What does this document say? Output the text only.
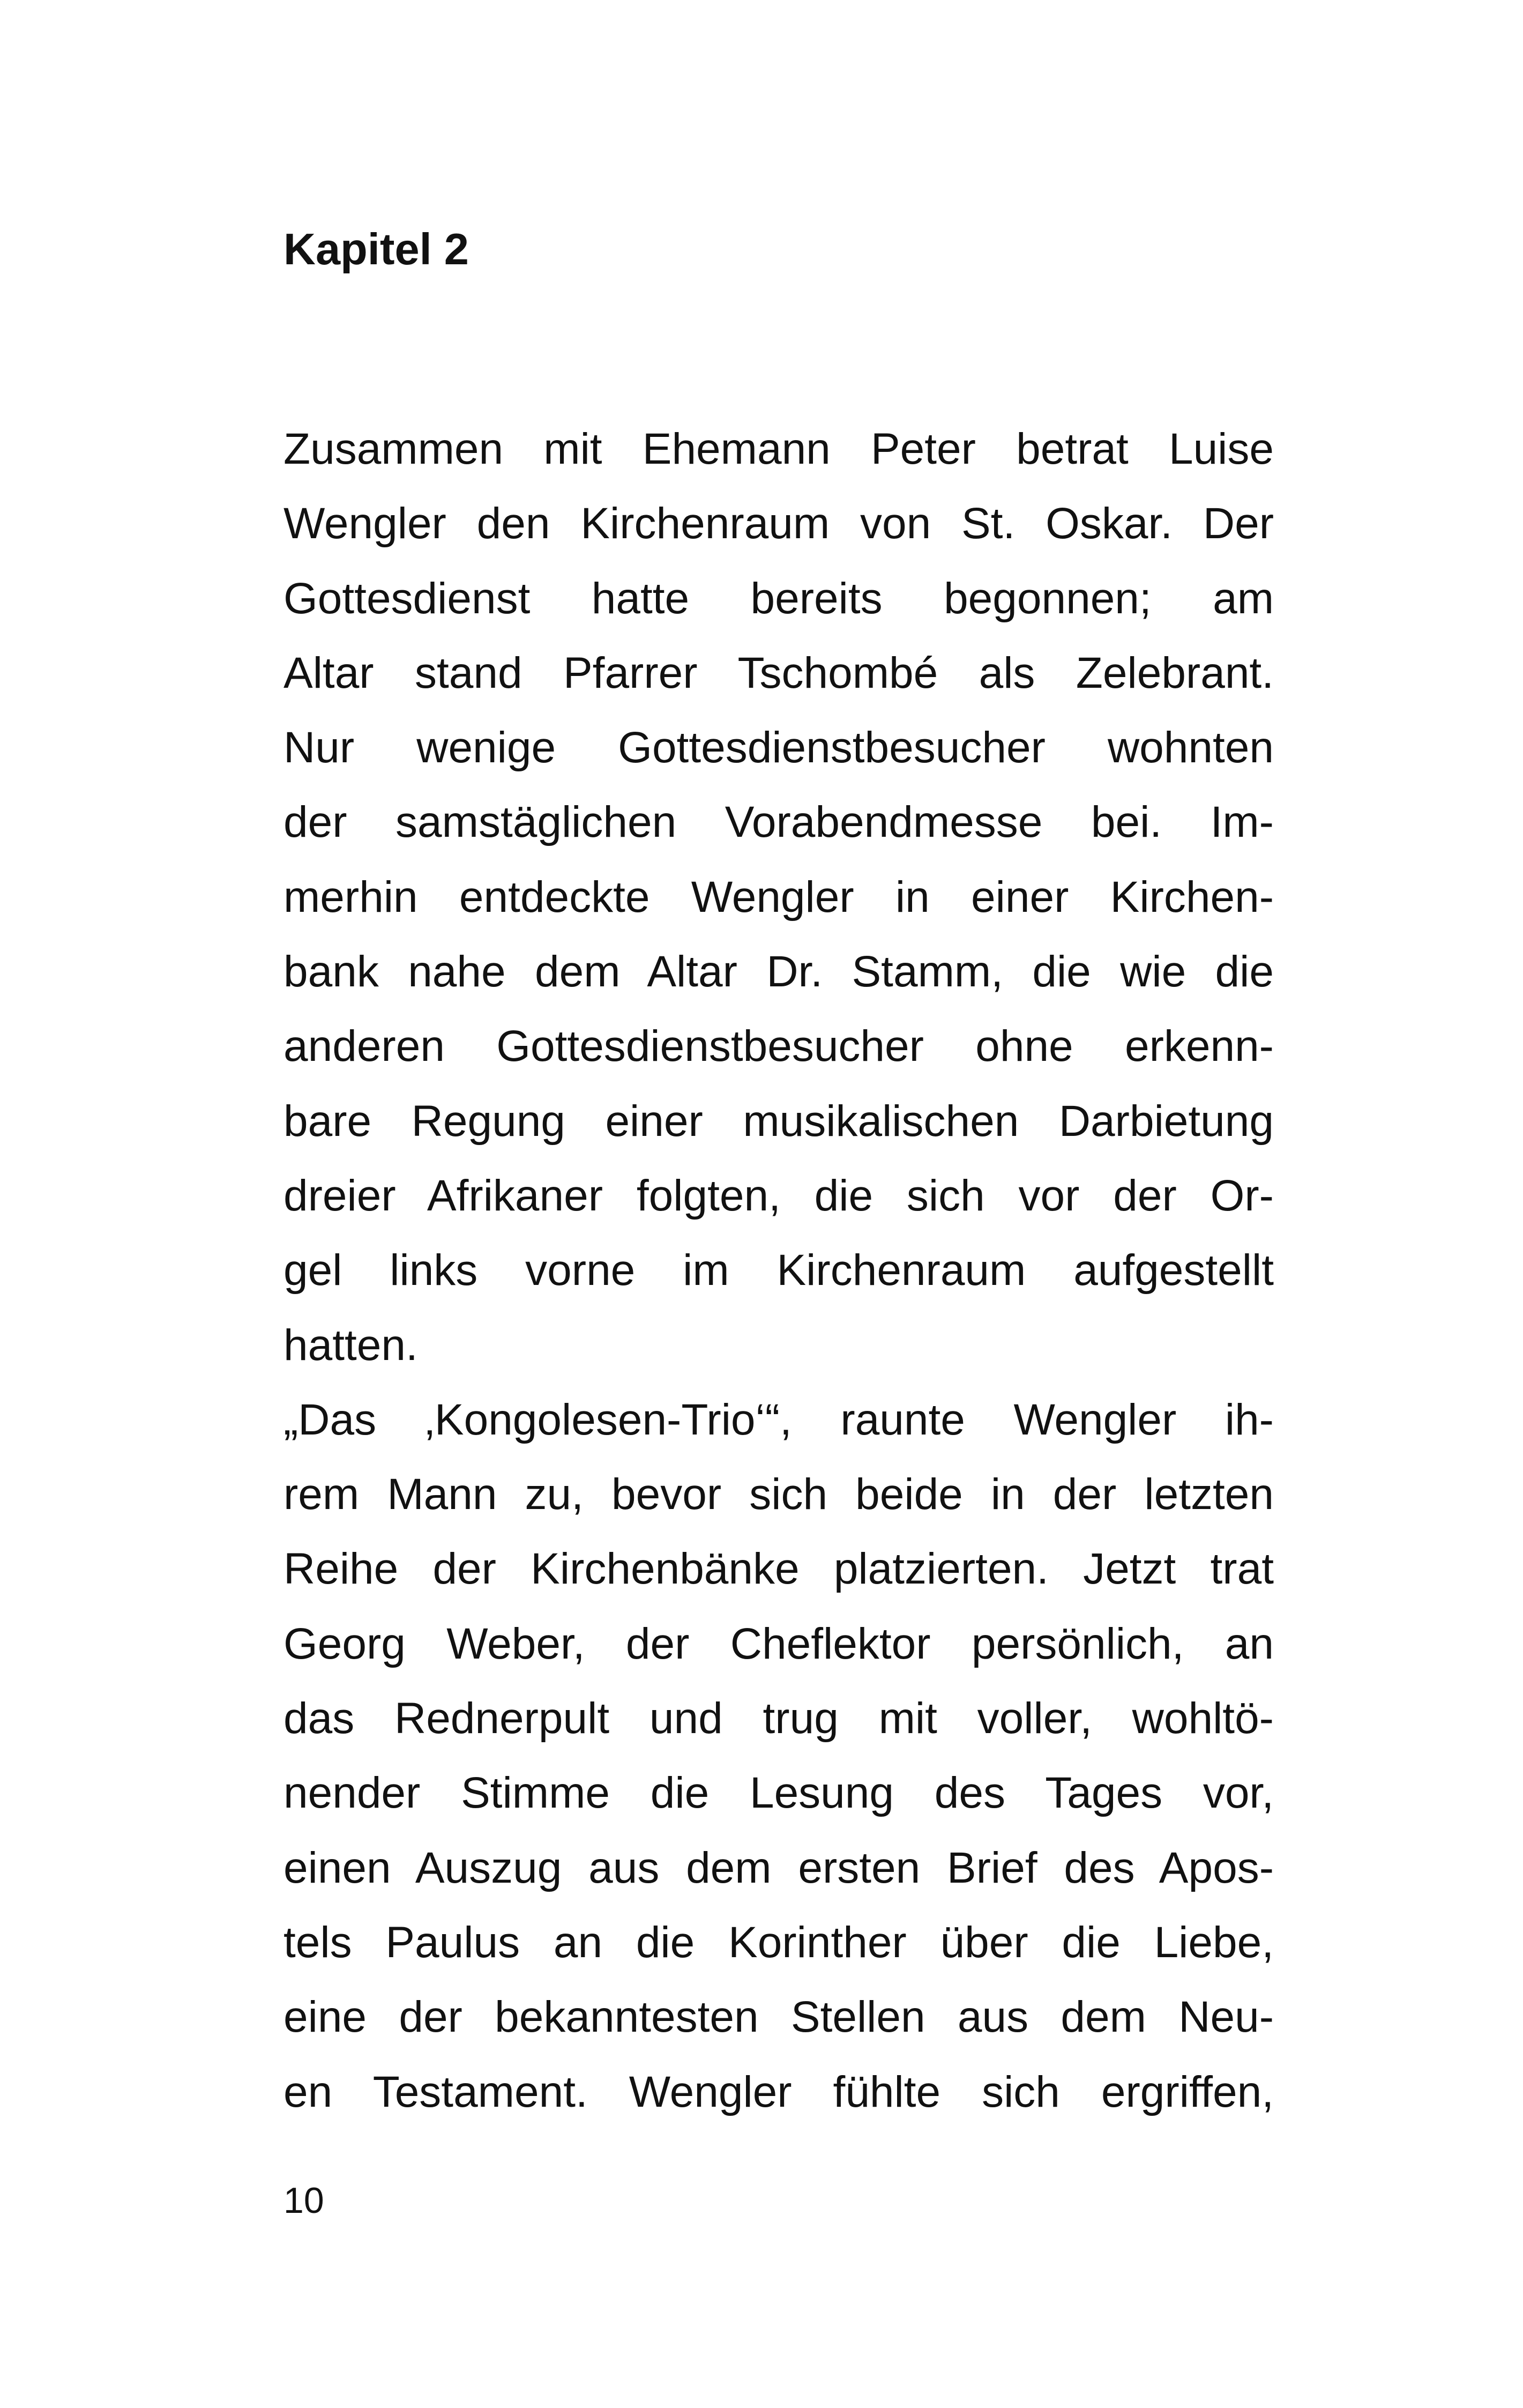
Kapitel 2
Zusammen mit Ehemann Peter betrat Luise
Wengler den Kirchenraum von St. Oskar. Der
Gottesdienst hatte bereits begonnen; am
Altar stand Pfarrer Tschombé als Zelebrant.
Nur wenige Gottesdienstbesucher wohnten
der samstäglichen Vorabendmesse bei. Im-
merhin entdeckte Wengler in einer Kirchen-
bank nahe dem Altar Dr. Stamm, die wie die
anderen Gottesdienstbesucher ohne erkenn-
bare Regung einer musikalischen Darbietung
dreier Afrikaner folgten, die sich vor der Or-
gel links vorne im Kirchenraum aufgestellt
hatten.
„Das ‚Kongolesen-Trio‘“, raunte Wengler ih-
rem Mann zu, bevor sich beide in der letzten
Reihe der Kirchenbänke platzierten. Jetzt trat
Georg Weber, der Cheflektor persönlich, an
das Rednerpult und trug mit voller, wohltö-
nender Stimme die Lesung des Tages vor,
einen Auszug aus dem ersten Brief des Apos-
tels Paulus an die Korinther über die Liebe,
eine der bekanntesten Stellen aus dem Neu-
en Testament. Wengler fühlte sich ergriffen,
10
